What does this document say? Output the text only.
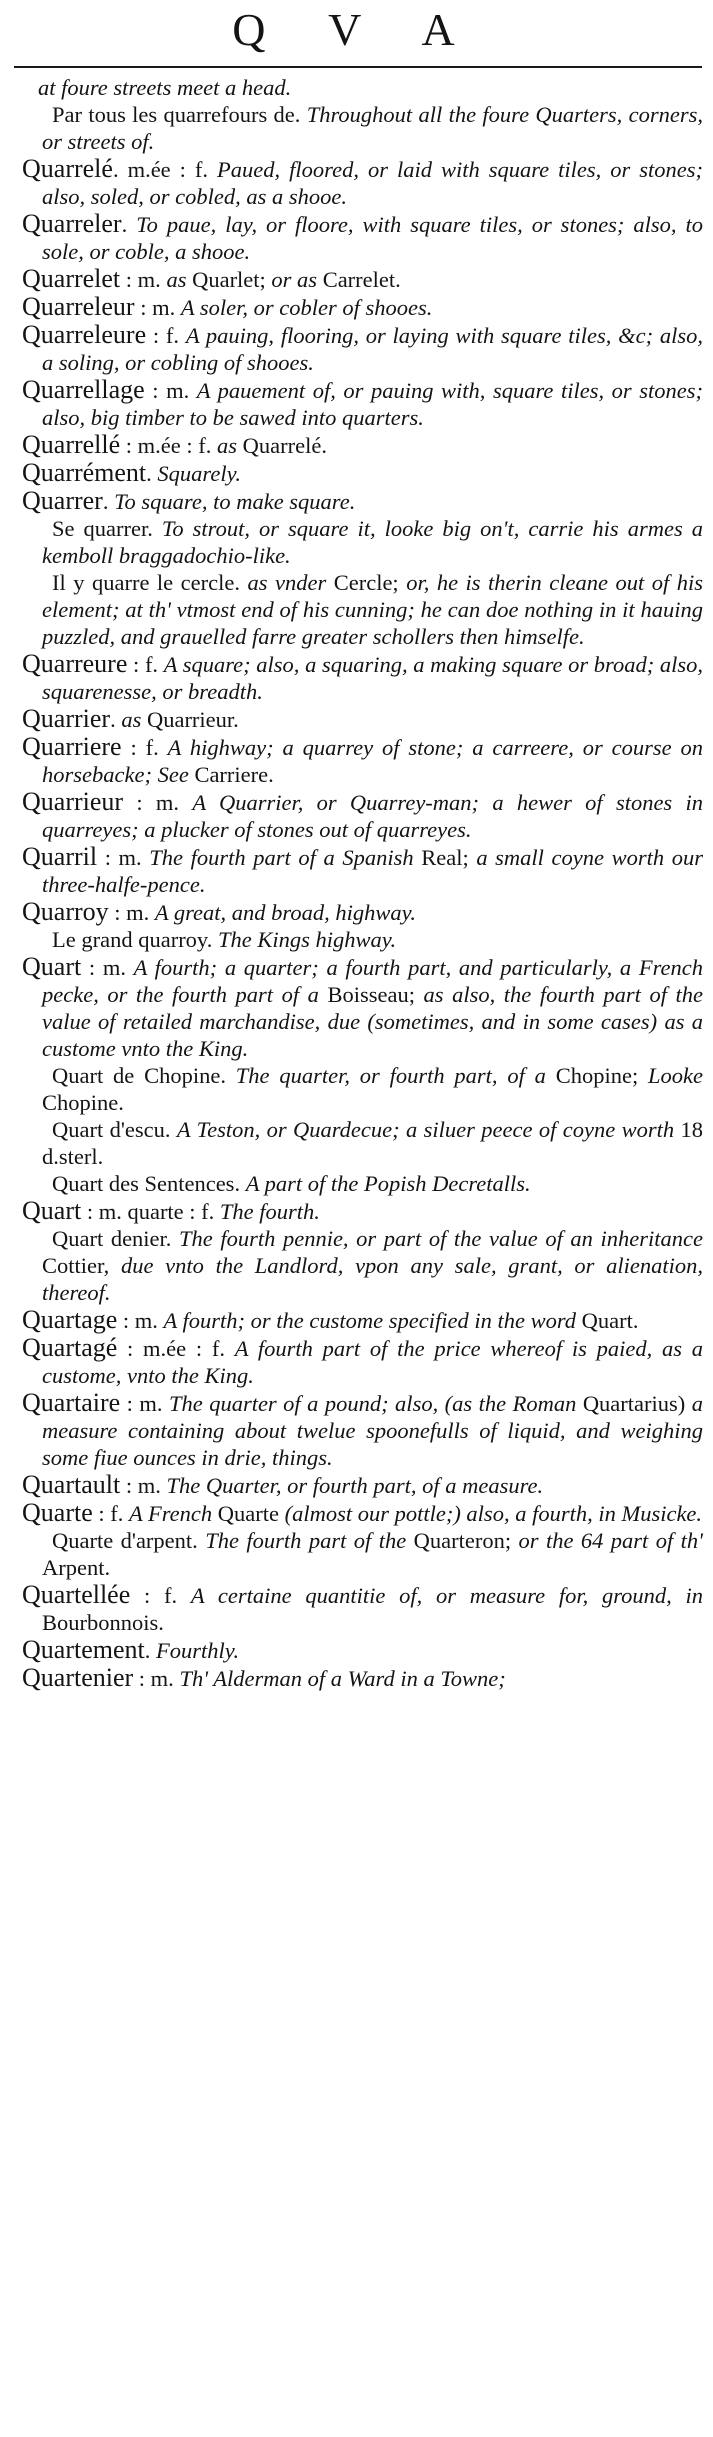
Q V A
at foure streets meet a head.
Par tous les quarrefours de. Throughout all the foure Quarters, corners, or streets of.
Quarrelé. m.ée : f. Paued, floored, or laid with square tiles, or stones; also, soled, or cobled, as a shooe.
Quarreler. To paue, lay, or floore, with square tiles, or stones; also, to sole, or coble, a shooe.
Quarrelet : m. as Quarlet; or as Carrelet.
Quarreleur : m. A soler, or cobler of shooes.
Quarreleure : f. A pauing, flooring, or laying with square tiles, &c; also, a soling, or cobling of shooes.
Quarrellage : m. A pauement of, or pauing with, square tiles, or stones; also, big timber to be sawed into quarters.
Quarrellé : m.ée : f. as Quarrelé.
Quarrément. Squarely.
Quarrer. To square, to make square.
Se quarrer. To strout, or square it, looke big on't, carrie his armes a kemboll braggadochio-like.
Il y quarre le cercle. as vnder Cercle; or, he is therin cleane out of his element; at th' vtmost end of his cunning; he can doe nothing in it hauing puzzled, and grauelled farre greater schollers then himselfe.
Quarreure : f. A square; also, a squaring, a making square or broad; also, squarenesse, or breadth.
Quarrier. as Quarrieur.
Quarriere : f. A highway; a quarrey of stone; a carreere, or course on horsebacke; See Carriere.
Quarrieur : m. A Quarrier, or Quarrey-man; a hewer of stones in quarreyes; a plucker of stones out of quarreyes.
Quarril : m. The fourth part of a Spanish Real; a small coyne worth our three-halfe-pence.
Quarroy : m. A great, and broad, highway.
Le grand quarroy. The Kings highway.
Quart : m. A fourth; a quarter; a fourth part, and particularly, a French pecke, or the fourth part of a Boisseau; as also, the fourth part of the value of retailed marchandise, due (sometimes, and in some cases) as a custome vnto the King.
Quart de Chopine. The quarter, or fourth part, of a Chopine; Looke Chopine.
Quart d'escu. A Teston, or Quardecue; a siluer peece of coyne worth 18 d.sterl.
Quart des Sentences. A part of the Popish Decretalls.
Quart : m. quarte : f. The fourth.
Quart denier. The fourth pennie, or part of the value of an inheritance Cottier, due vnto the Landlord, vpon any sale, grant, or alienation, thereof.
Quartage : m. A fourth; or the custome specified in the word Quart.
Quartagé : m.ée : f. A fourth part of the price whereof is paied, as a custome, vnto the King.
Quartaire : m. The quarter of a pound; also, (as the Roman Quartarius) a measure containing about twelue spoonefulls of liquid, and weighing some fiue ounces in drie, things.
Quartault : m. The Quarter, or fourth part, of a measure.
Quarte : f. A French Quarte (almost our pottle;) also, a fourth, in Musicke.
Quarte d'arpent. The fourth part of the Quarteron; or the 64 part of th' Arpent.
Quartellée : f. A certaine quantitie of, or measure for, ground, in Bourbonnois.
Quartement. Fourthly.
Quartenier : m. Th' Alderman of a Ward in a Towne;
